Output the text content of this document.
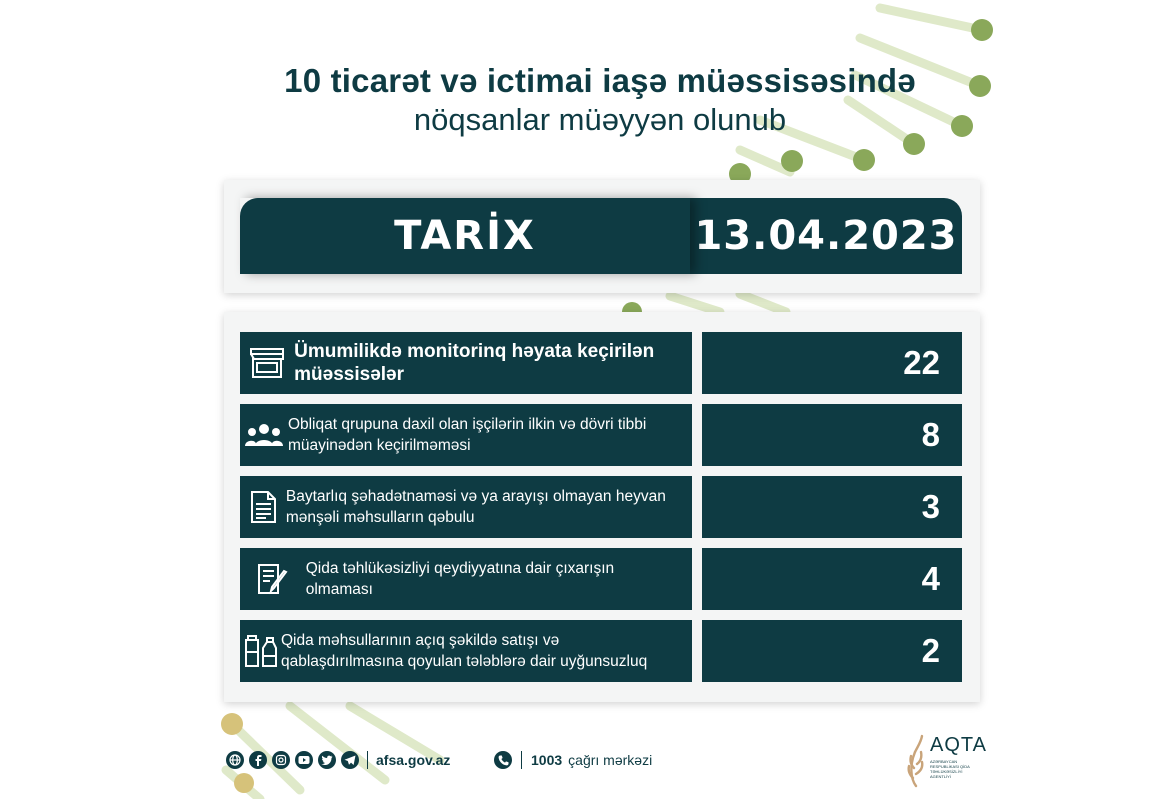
10 ticarət və ictimai iaşə müəssisəsində
nöqsanlar müəyyən olunub
TARİX	13.04.2023
Ümumilikdə monitorinq həyata keçirilən müəssisələr	22
Obliqat qrupuna daxil olan işçilərin ilkin və dövri tibbi müayinədən keçirilməməsi	8
Baytarlıq şəhadətnaməsi və ya arayışı olmayan heyvan mənşəli məhsulların qəbulu	3
Qida təhlükəsizliyi qeydiyyatına dair çıxarışın olmaması	4
Qida məhsullarının açıq şəkildə satışı və qablaşdırılmasına qoyulan tələblərə dair uyğunsuzluq	2
afsa.gov.az	1003 çağrı mərkəzi
AQTA
AZƏRBAYCAN RESPUBLİKASI QİDA TƏHLÜKƏSİZLİYİ AGENTLİYİ
